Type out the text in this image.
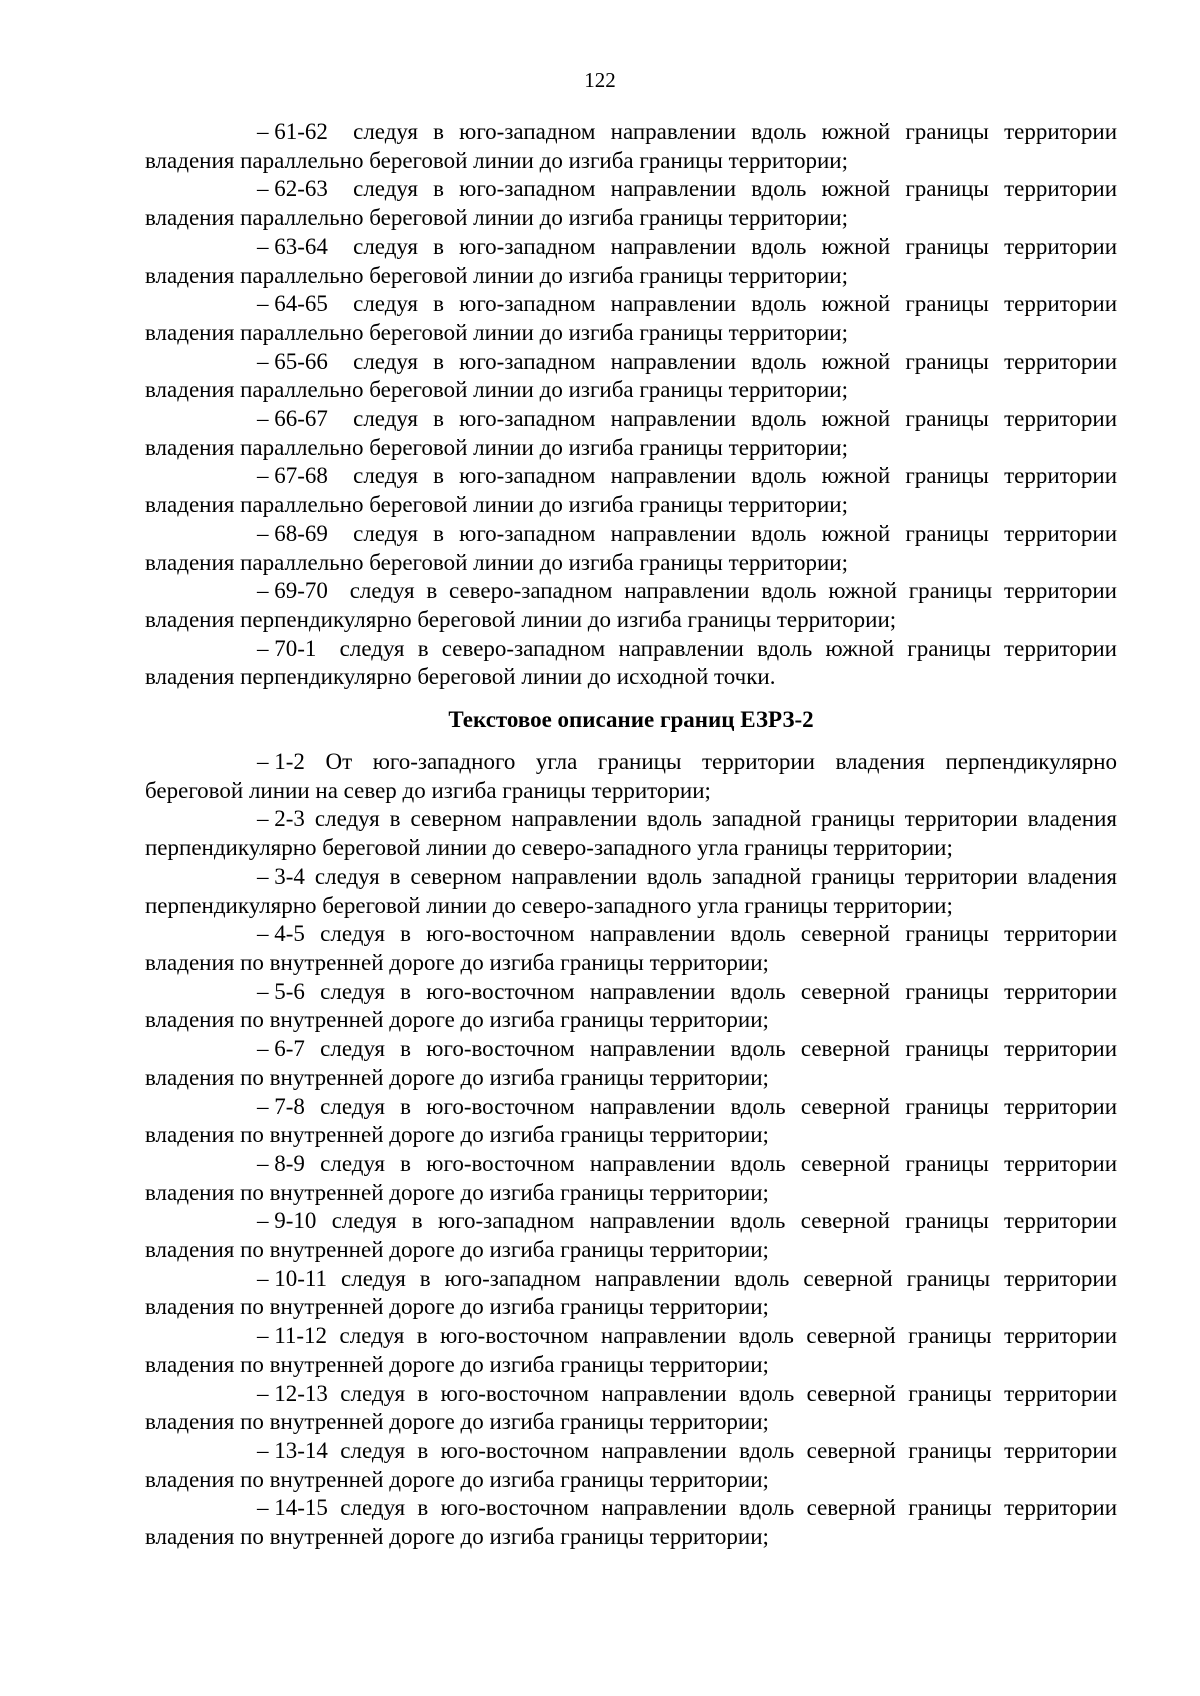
122

– 61-62 следуя в юго-западном направлении вдоль южной границы территории владения параллельно береговой линии до изгиба границы территории;

– 62-63 следуя в юго-западном направлении вдоль южной границы территории владения параллельно береговой линии до изгиба границы территории;

– 63-64 следуя в юго-западном направлении вдоль южной границы территории владения параллельно береговой линии до изгиба границы территории;

– 64-65 следуя в юго-западном направлении вдоль южной границы территории владения параллельно береговой линии до изгиба границы территории;

– 65-66 следуя в юго-западном направлении вдоль южной границы территории владения параллельно береговой линии до изгиба границы территории;

– 66-67 следуя в юго-западном направлении вдоль южной границы территории владения параллельно береговой линии до изгиба границы территории;

– 67-68 следуя в юго-западном направлении вдоль южной границы территории владения параллельно береговой линии до изгиба границы территории;

– 68-69 следуя в юго-западном направлении вдоль южной границы территории владения параллельно береговой линии до изгиба границы территории;

– 69-70 следуя в северо-западном направлении вдоль южной границы территории владения перпендикулярно береговой линии до изгиба границы территории;

– 70-1 следуя в северо-западном направлении вдоль южной границы территории владения перпендикулярно береговой линии до исходной точки.

Текстовое описание границ ЕЗРЗ-2

– 1-2 От юго-западного угла границы территории владения перпендикулярно береговой линии на север до изгиба границы территории;

– 2-3 следуя в северном направлении вдоль западной границы территории владения перпендикулярно береговой линии до северо-западного угла границы территории;

– 3-4 следуя в северном направлении вдоль западной границы территории владения перпендикулярно береговой линии до северо-западного угла границы территории;

– 4-5 следуя в юго-восточном направлении вдоль северной границы территории владения по внутренней дороге до изгиба границы территории;

– 5-6 следуя в юго-восточном направлении вдоль северной границы территории владения по внутренней дороге до изгиба границы территории;

– 6-7 следуя в юго-восточном направлении вдоль северной границы территории владения по внутренней дороге до изгиба границы территории;

– 7-8 следуя в юго-восточном направлении вдоль северной границы территории владения по внутренней дороге до изгиба границы территории;

– 8-9 следуя в юго-восточном направлении вдоль северной границы территории владения по внутренней дороге до изгиба границы территории;

– 9-10 следуя в юго-западном направлении вдоль северной границы территории владения по внутренней дороге до изгиба границы территории;

– 10-11 следуя в юго-западном направлении вдоль северной границы территории владения по внутренней дороге до изгиба границы территории;

– 11-12 следуя в юго-восточном направлении вдоль северной границы территории владения по внутренней дороге до изгиба границы территории;

– 12-13 следуя в юго-восточном направлении вдоль северной границы территории владения по внутренней дороге до изгиба границы территории;

– 13-14 следуя в юго-восточном направлении вдоль северной границы территории владения по внутренней дороге до изгиба границы территории;

– 14-15 следуя в юго-восточном направлении вдоль северной границы территории владения по внутренней дороге до изгиба границы территории;
